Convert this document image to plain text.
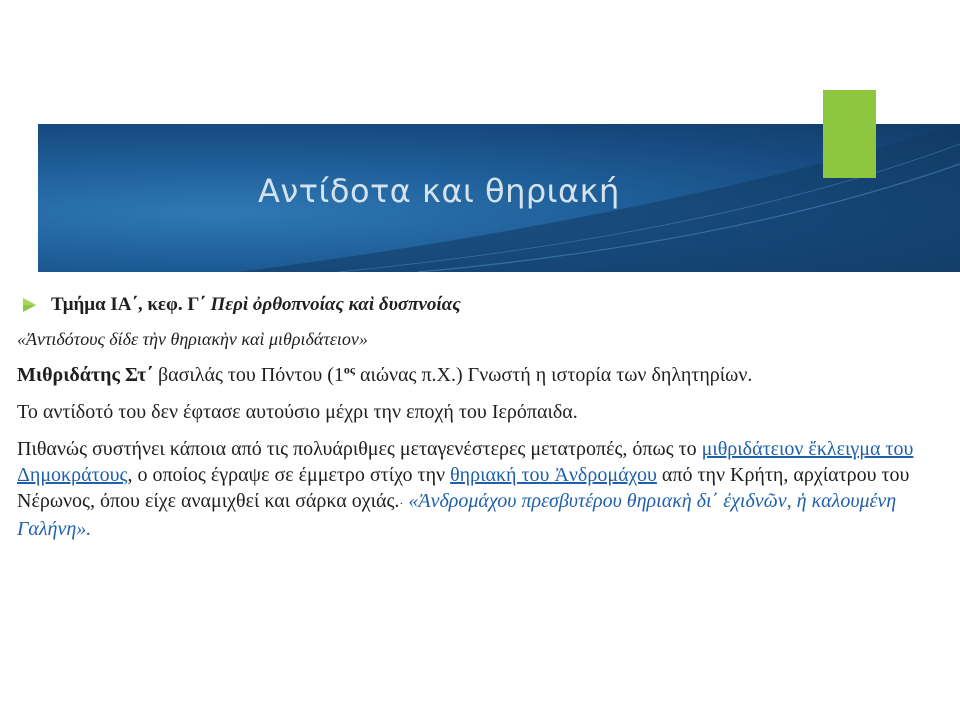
Αντίδοτα και θηριακή
Τμήμα ΙΑ΄, κεφ. Γ΄ Περὶ ὀρθοπνοίας καὶ δυσπνοίας
«Ἀντιδότους δίδε τὴν θηριακὴν καὶ μιθριδάτειον»
Μιθριδάτης Στ΄ βασιλάς του Πόντου ($1^{o\varsigma}$ αιώνας π.Χ.) Γνωστή η ιστορία των δηλητηρίων.
Το αντίδοτό του δεν έφτασε αυτούσιο μέχρι την εποχή του Ιερόπαιδα.
Πιθανώς συστήνει κάποια από τις πολυάριθμες μεταγενέστερες μετατροπές, όπως το μιθριδάτειον ἔκλειγμα του Δημοκράτους, ο οποίος έγραψε σε έμμετρο στίχο την θηριακή του Ἀνδρομάχου από την Κρήτη, αρχίατρου του Νέρωνος, όπου είχε αναμιχθεί και σάρκα οχιάς.· «Ἀνδρομάχου πρεσβυτέρου θηριακὴ δι΄ ἐχιδνῶν, ἡ καλουμένη Γαλήνη».
